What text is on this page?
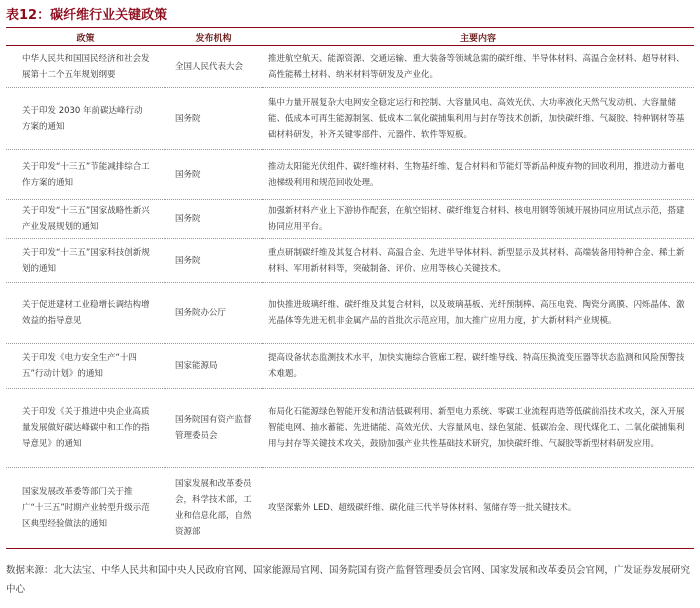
表12：碳纤维行业关键政策
政策	发布机构	主要内容
中华人民共和国国民经济和社会发展第十二个五年规划纲要	全国人民代表大会	推进航空航天、能源资源、交通运输、重大装备等领域急需的碳纤维、半导体材料、高温合金材料、超导材料、高性能稀土材料、纳米材料等研发及产业化。
关于印发 2030 年前碳达峰行动方案的通知	国务院	集中力量开展复杂大电网安全稳定运行和控制、大容量风电、高效光伏、大功率液化天然气发动机、大容量储能、低成本可再生能源制氢、低成本二氧化碳捕集利用与封存等技术创新，加快碳纤维、气凝胶、特种钢材等基础材料研发，补齐关键零部件、元器件、软件等短板。
关于印发“十三五”节能减排综合工作方案的通知	国务院	推动太阳能光伏组件、碳纤维材料、生物基纤维、复合材料和节能灯等新品种废弃物的回收利用，推进动力蓄电池梯级利用和规范回收处理。
关于印发“十三五”国家战略性新兴产业发展规划的通知	国务院	加强新材料产业上下游协作配套，在航空铝材、碳纤维复合材料、核电用钢等领域开展协同应用试点示范，搭建协同应用平台。
关于印发“十三五”国家科技创新规划的通知	国务院	重点研制碳纤维及其复合材料、高温合金、先进半导体材料、新型显示及其材料、高端装备用特种合金、稀土新材料、军用新材料等，突破制备、评价、应用等核心关键技术。
关于促进建材工业稳增长调结构增效益的指导意见	国务院办公厅	加快推进玻璃纤维、碳纤维及其复合材料，以及玻璃基板、光纤预制棒、高压电瓷、陶瓷分离膜、闪烁晶体、激光晶体等先进无机非金属产品的首批次示范应用，加大推广应用力度，扩大新材料产业规模。
关于印发《电力安全生产“十四五”行动计划》的通知	国家能源局	提高设备状态监测技术水平，加快实施综合管廊工程、碳纤维导线、特高压换流变压器等状态监测和风险预警技术难题。
关于印发《关于推进中央企业高质量发展做好碳达峰碳中和工作的指导意见》的通知	国务院国有资产监督管理委员会	布局化石能源绿色智能开发和清洁低碳利用、新型电力系统、零碳工业流程再造等低碳前沿技术攻关，深入开展智能电网、抽水蓄能、先进储能、高效光伏、大容量风电、绿色氢能、低碳冶金、现代煤化工、二氧化碳捕集利用与封存等关键技术攻关，鼓励加强产业共性基础技术研究，加快碳纤维、气凝胶等新型材料研发应用。
国家发展改革委等部门关于推广“十三五”时期产业转型升级示范区典型经验做法的通知	国家发展和改革委员会，科学技术部，工业和信息化部，自然资源部	攻坚深紫外 LED、超级碳纤维、碳化硅三代半导体材料、氢储存等一批关键技术。
数据来源：北大法宝、中华人民共和国中央人民政府官网、国家能源局官网、国务院国有资产监督管理委员会官网、国家发展和改革委员会官网，广发证券发展研究中心
